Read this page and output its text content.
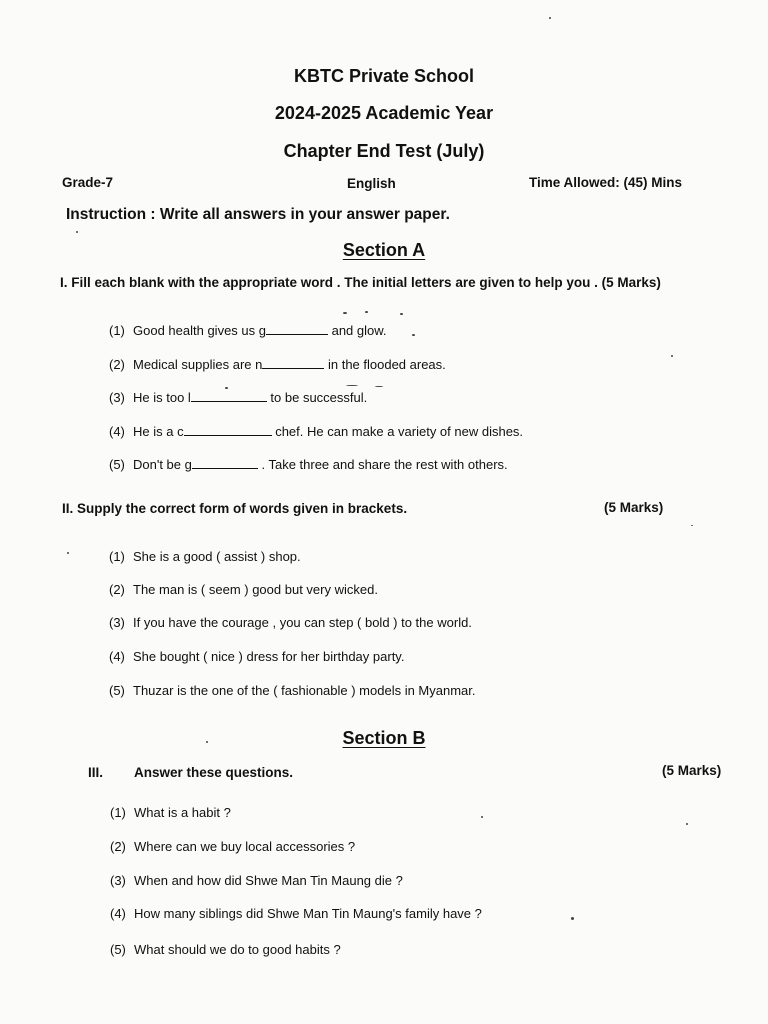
KBTC Private School
2024-2025 Academic Year
Chapter End Test (July)
Grade-7	English	Time Allowed: (45) Mins
Instruction : Write all answers in your answer paper.
Section A
I. Fill each blank with the appropriate word . The initial letters are given to help you . (5 Marks)
(1) Good health gives us g	and glow.
(2) Medical supplies are n	in the flooded areas.
(3) He is too l	to be successful.
(4) He is a c	chef. He can make a variety of new dishes.
(5) Don't be g	. Take three and share the rest with others.
II. Supply the correct form of words given in brackets.	(5 Marks)
(1) She is a good ( assist ) shop.
(2) The man is ( seem ) good but very wicked.
(3) If you have the courage , you can step ( bold ) to the world.
(4) She bought ( nice ) dress for her birthday party.
(5) Thuzar is the one of the ( fashionable ) models in Myanmar.
Section B
III. Answer these questions.	(5 Marks)
(1) What is a habit ?
(2) Where can we buy local accessories ?
(3) When and how did Shwe Man Tin Maung die ?
(4) How many siblings did Shwe Man Tin Maung's family have ?
(5) What should we do to good habits ?
